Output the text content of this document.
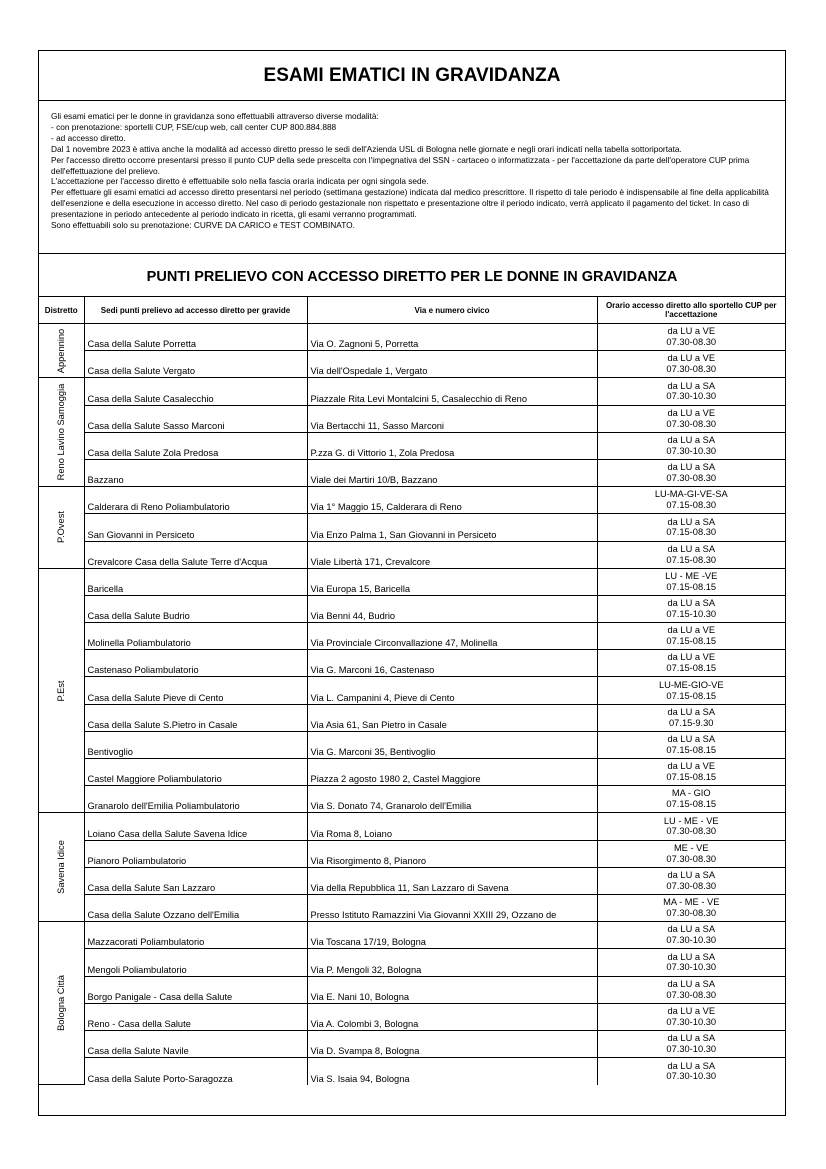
ESAMI EMATICI IN GRAVIDANZA

Gli esami ematici per le donne in gravidanza sono effettuabili attraverso diverse modalità:

- con prenotazione: sportelli CUP, FSE/cup web, call center CUP 800.884.888

- ad accesso diretto.

Dal 1 novembre 2023 è attiva anche la modalità ad accesso diretto presso le sedi dell'Azienda USL di Bologna nelle giornate e negli orari indicati nella tabella sottoriportata.

Per l'accesso diretto occorre presentarsi presso il punto CUP della sede prescelta con l'impegnativa del SSN - cartaceo o informatizzata - per l'accettazione da parte dell'operatore CUP prima dell'effettuazione del prelievo.

L'accettazione per l'accesso diretto è effettuabile solo nella fascia oraria indicata per ogni singola sede.

Per effettuare gli esami ematici ad accesso diretto presentarsi nel periodo (settimana gestazione) indicata dal medico prescrittore. Il rispetto di tale periodo è indispensabile al fine della applicabilità dell'esenzione e della esecuzione in accesso diretto. Nel caso di periodo gestazionale non rispettato e presentazione oltre il periodo indicato, verrà applicato il pagamento del ticket. In caso di presentazione in periodo antecedente al periodo indicato in ricetta, gli esami verranno programmati.

Sono effettuabili solo su prenotazione: CURVE DA CARICO e TEST COMBINATO.

PUNTI PRELIEVO CON ACCESSO DIRETTO PER LE DONNE IN GRAVIDANZA
Distretto	Sedi punti prelievo ad accesso diretto per gravide	Via e numero civico	Orario accesso diretto allo sportello CUP per l'accettazione

Appennino	Casa della Salute Porretta	Via O. Zagnoni 5, Porretta	da LU a VE
07.30-08.30

	Casa della Salute Vergato	Via dell'Ospedale 1, Vergato	da LU a VE
07.30-08.30

Reno Lavino Samoggia	Casa della Salute Casalecchio	Piazzale Rita Levi Montalcini 5, Casalecchio di Reno	da LU a SA
07.30-10.30

	Casa della Salute Sasso Marconi	Via Bertacchi 11, Sasso Marconi	da LU a VE
07.30-08.30

	Casa della Salute Zola Predosa	P.zza G. di Vittorio 1, Zola Predosa	da LU a SA
07.30-10.30

	Bazzano	Viale dei Martiri 10/B, Bazzano	da LU a SA
07.30-08.30

P.Ovest	Calderara di Reno Poliambulatorio	Via 1° Maggio 15, Calderara di Reno	LU-MA-GI-VE-SA
07.15-08.30

	San Giovanni in Persiceto	Via Enzo Palma 1, San Giovanni in Persiceto	da LU a SA
07.15-08.30

	Crevalcore Casa della Salute Terre d'Acqua	Viale Libertà 171, Crevalcore	da LU a SA
07.15-08.30

P.Est	Baricella	Via Europa 15, Baricella	LU - ME -VE
07.15-08.15

	Casa della Salute Budrio	Via Benni 44, Budrio	da LU a SA
07.15-10.30

	Molinella Poliambulatorio	Via Provinciale Circonvallazione 47, Molinella	da LU a VE
07.15-08.15

	Castenaso Poliambulatorio	Via G. Marconi 16, Castenaso	da LU a VE
07.15-08.15

	Casa della Salute Pieve di Cento	Via L. Campanini 4, Pieve di Cento	LU-ME-GIO-VE
07.15-08.15

	Casa della Salute S.Pietro in Casale	Via Asia 61, San Pietro in Casale	da LU a SA
07.15-9.30

	Bentivoglio	Via G. Marconi 35, Bentivoglio	da LU a SA
07.15-08.15

	Castel Maggiore Poliambulatorio	Piazza 2 agosto 1980 2, Castel Maggiore	da LU a VE
07.15-08.15

	Granarolo dell'Emilia Poliambulatorio	Via S. Donato 74, Granarolo dell'Emilia	MA - GIO
07.15-08.15

Savena Idice	Loiano Casa della Salute Savena Idice	Via Roma 8, Loiano	LU - ME - VE
07.30-08.30

	Pianoro Poliambulatorio	Via Risorgimento 8, Pianoro	ME - VE
07.30-08.30

	Casa della Salute San Lazzaro	Via della Repubblica 11, San Lazzaro di Savena	da LU a SA
07.30-08.30

	Casa della Salute Ozzano dell'Emilia	Presso Istituto Ramazzini Via Giovanni XXIII 29, Ozzano de	MA - ME - VE
07.30-08.30

Bologna Città	Mazzacorati Poliambulatorio	Via Toscana 17/19, Bologna	da LU a SA
07.30-10.30

	Mengoli Poliambulatorio	Via P. Mengoli 32, Bologna	da LU a SA
07.30-10.30

	Borgo Panigale - Casa della Salute	Via E. Nani 10, Bologna	da LU a SA
07.30-08.30

	Reno - Casa della Salute	Via A. Colombi 3, Bologna	da LU a VE
07.30-10.30

	Casa della Salute Navile	Via D. Svampa 8, Bologna	da LU a SA
07.30-10.30

	Casa della Salute Porto-Saragozza	Via S. Isaia 94, Bologna	da LU a SA
07.30-10.30
